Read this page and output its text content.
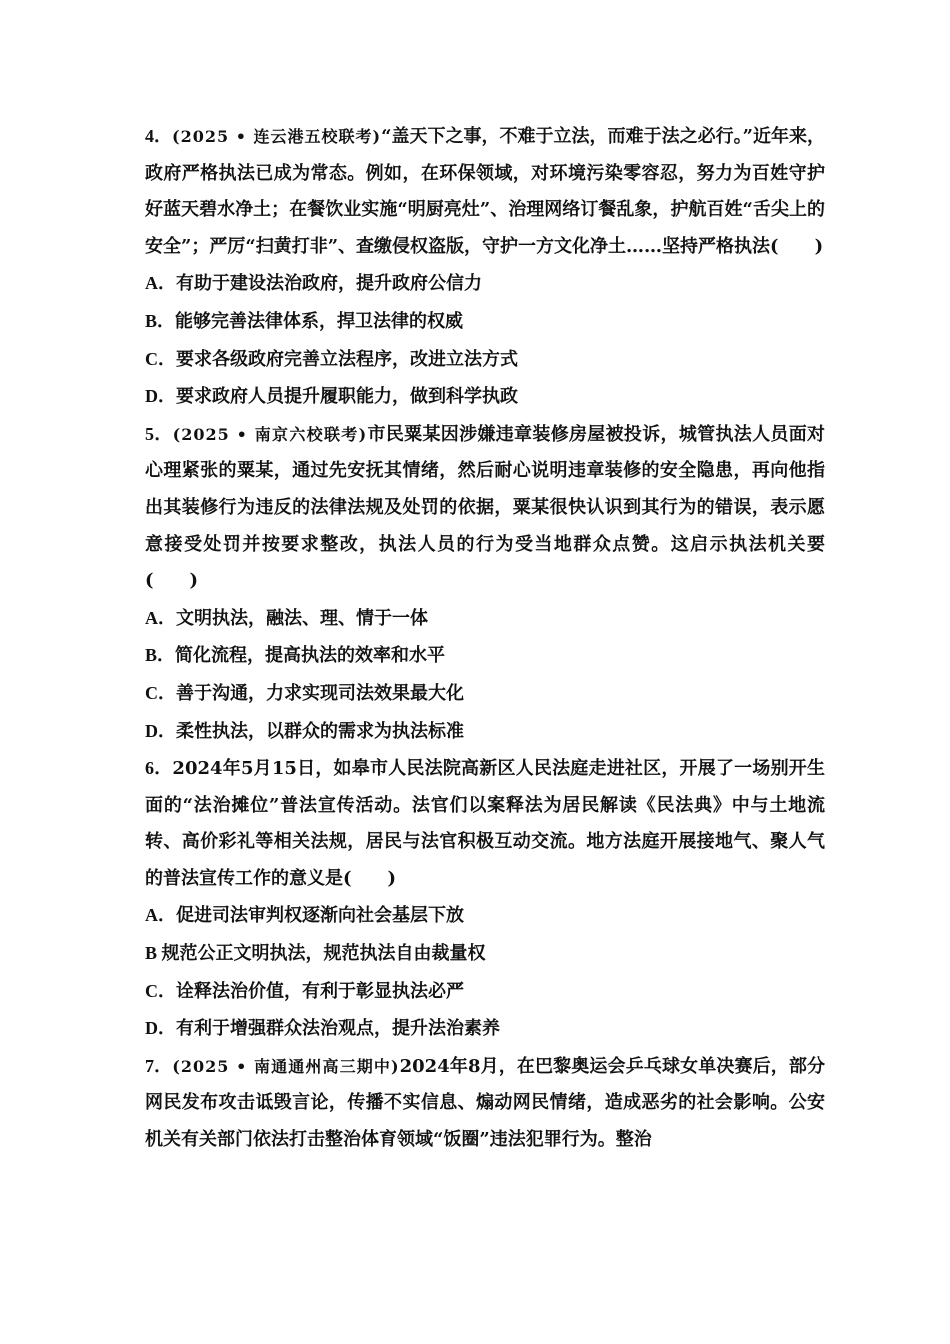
4．(2025 • 连云港五校联考)“盖天下之事，不难于立法，而难于法之必行。”近年来，政府严格执法已成为常态。例如，在环保领域，对环境污染零容忍，努力为百姓守护好蓝天碧水净土；在餐饮业实施“明厨亮灶”、治理网络订餐乱象，护航百姓“舌尖上的安全”；严厉“扫黄打非”、查缴侵权盗版，守护一方文化净土……坚持严格执法(　　)
A．有助于建设法治政府，提升政府公信力
B．能够完善法律体系，捍卫法律的权威
C．要求各级政府完善立法程序，改进立法方式
D．要求政府人员提升履职能力，做到科学执政
5．(2025 • 南京六校联考)市民粟某因涉嫌违章装修房屋被投诉，城管执法人员面对心理紧张的粟某，通过先安抚其情绪，然后耐心说明违章装修的安全隐患，再向他指出其装修行为违反的法律法规及处罚的依据，粟某很快认识到其行为的错误，表示愿意接受处罚并按要求整改，执法人员的行为受当地群众点赞。这启示执法机关要(　　)
A．文明执法，融法、理、情于一体
B．简化流程，提高执法的效率和水平
C．善于沟通，力求实现司法效果最大化
D．柔性执法，以群众的需求为执法标准
6．2024年5月15日，如皋市人民法院高新区人民法庭走进社区，开展了一场别开生面的“法治摊位”普法宣传活动。法官们以案释法为居民解读《民法典》中与土地流转、高价彩礼等相关法规，居民与法官积极互动交流。地方法庭开展接地气、聚人气的普法宣传工作的意义是(　　)
A．促进司法审判权逐渐向社会基层下放
B 规范公正文明执法，规范执法自由裁量权
C．诠释法治价值，有利于彰显执法必严
D．有利于增强群众法治观点，提升法治素养
7．(2025 • 南通通州高三期中)2024年8月，在巴黎奥运会乒乓球女单决赛后，部分网民发布攻击诋毁言论，传播不实信息、煽动网民情绪，造成恶劣的社会影响。公安机关有关部门依法打击整治体育领域“饭圈”违法犯罪行为。整治
